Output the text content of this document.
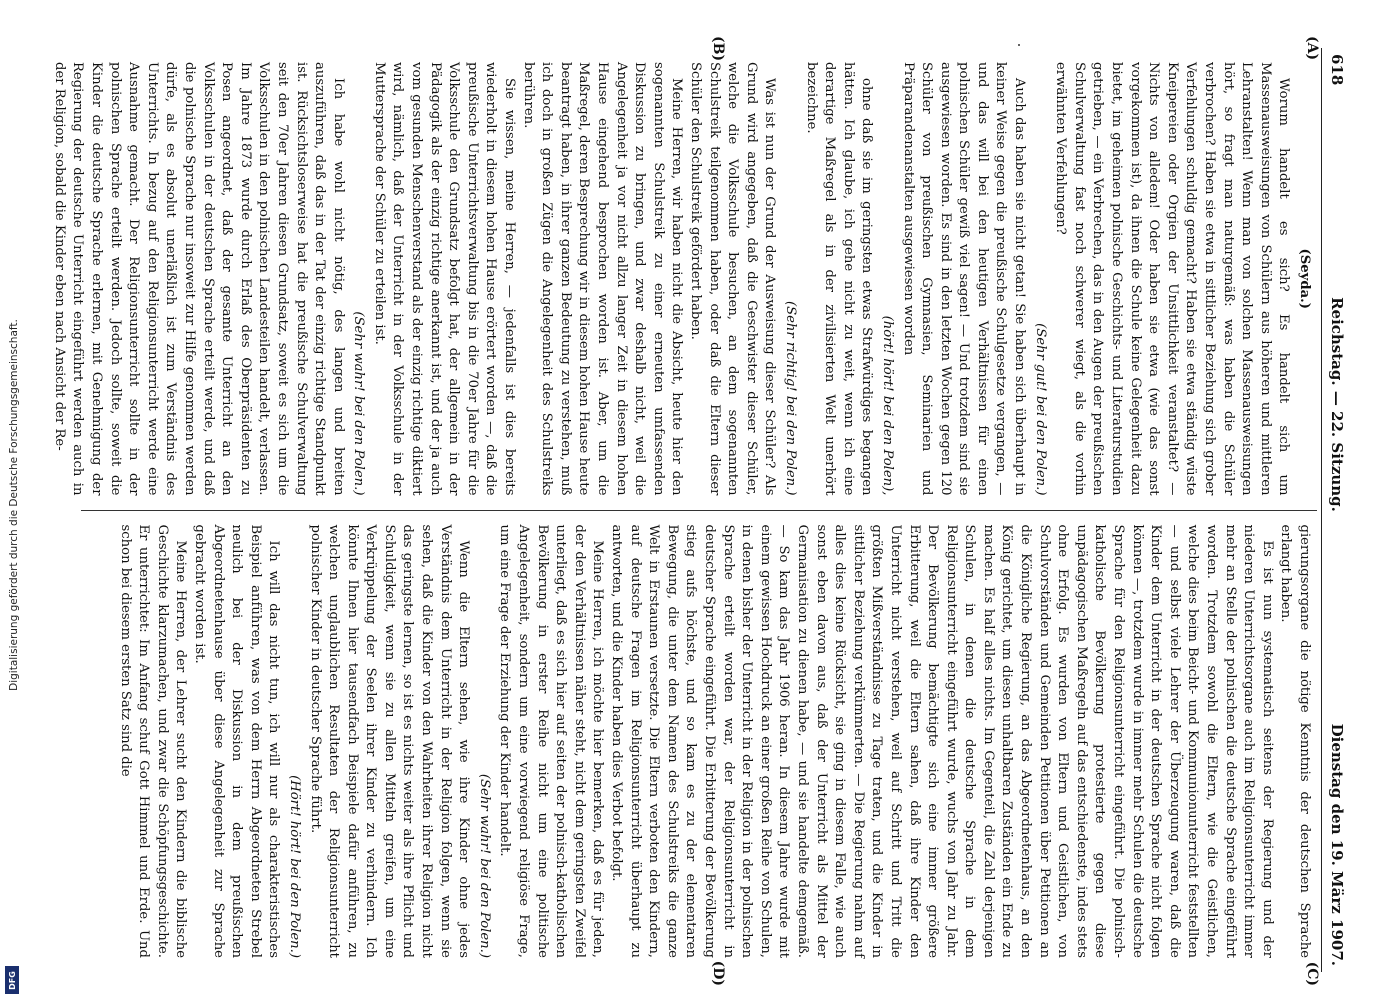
Digitalisierung gefördert durch die Deutsche Forschungsgemeinschaft.
DFG
618
Reichstag. — 22. Sitzung.
Dienstag den 19. März 1907.
(A)
(B)
(C)
(D)
(Seyda.)

Worum handelt es sich? Es handelt sich um Massenausweisungen von Schülern aus höheren und mittleren Lehranstalten! Wenn man von solchen Massenausweisungen hört, so fragt man naturgemäß: was haben die Schüler verbrochen? Haben sie etwa in sittlicher Beziehung sich grober Verfehlungen schuldig gemacht? Haben sie etwa ständig wüste Kneipereien oder Orgien der Unsittlichkeit veranstaltet? — Nichts von alledem! Oder haben sie etwa (wie das sonst vorgekommen ist), da ihnen die Schule keine Gelegenheit dazu bietet, im geheimen polnische Geschichts- und Literaturstudien getrieben, — ein Verbrechen, das in den Augen der preußischen Schulverwaltung fast noch schwerer wiegt, als die vorhin erwähnten Verfehlungen?

(Sehr gut! bei den Polen.)

Auch das haben sie nicht getan! Sie haben sich überhaupt in keiner Weise gegen die preußische Schulgesetze vergangen, — und das will bei den heutigen Verhältnissen für einen polnischen Schüler gewiß viel sagen! — Und trotzdem sind sie ausgewiesen worden. Es sind in den letzten Wochen gegen 120 Schüler von preußischen Gymnasien, Seminarien und Präparandenanstalten ausgewiesen worden

(hört! hört! bei den Polen),

ohne daß sie im geringsten etwas Strafwürdiges begangen hätten. Ich glaube, ich gehe nicht zu weit, wenn ich eine derartige Maßregel als in der zivilisierten Welt unerhört bezeichne.

(Sehr richtig! bei den Polen.)

Was ist nun der Grund der Ausweisung dieser Schüler? Als Grund wird angegeben, daß die Geschwister dieser Schüler, welche die Volksschule besuchen, an dem sogenannten Schulstreik teilgenommen haben, oder daß die Eltern dieser Schüler den Schulstreik gefördert haben.

Meine Herren, wir haben nicht die Absicht, heute hier den sogenannten Schulstreik zu einer erneuten umfassenden Diskussion zu bringen, und zwar deshalb nicht, weil die Angelegenheit ja vor nicht allzu langer Zeit in diesem hohen Hause eingehend besprochen worden ist. Aber, um die Maßregel, deren Besprechung wir in diesem hohen Hause heute beantragt haben, in ihrer ganzen Bedeutung zu verstehen, muß ich doch in großen Zügen die Angelegenheit des Schulstreiks berühren.

Sie wissen, meine Herren, — jedenfalls ist dies bereits wiederholt in diesem hohen Hause erörtert worden —, daß die preußische Unterrichtsverwaltung bis in die 70er Jahre für die Volksschule den Grundsatz befolgt hat, der allgemein in der Pädagogik als der einzig richtige anerkannt ist, und der ja auch vom gesunden Menschenverstand als der einzig richtige diktiert wird, nämlich, daß der Unterricht in der Volksschule in der Muttersprache der Schüler zu erteilen ist.

(Sehr wahr! bei den Polen.)

Ich habe wohl nicht nötig, des langen und breiten auszuführen, daß das in der Tat der einzig richtige Standpunkt ist. Rücksichtsloserweise hat die preußische Schulverwaltung seit den 70er Jahren diesen Grundsatz, soweit es sich um die Volksschulen in den polnischen Landesteilen handelt, verlassen. Im Jahre 1873 wurde durch Erlaß des Oberpräsidenten zu Posen angeordnet, daß der gesamte Unterricht an den Volksschulen in der deutschen Sprache erteilt werde, und daß die polnische Sprache nur insoweit zur Hilfe genommen werden dürfe, als es absolut unerläßlich ist zum Verständnis des Unterrichts. In bezug auf den Religionsunterricht werde eine Ausnahme gemacht. Der Religionsunterricht sollte in der polnischen Sprache erteilt werden. Jedoch sollte, soweit die Kinder die deutsche Sprache erlernen, mit Genehmigung der Regierung der deutsche Unterricht eingeführt werden auch in der Religion, sobald die Kinder eben nach Ansicht der Re-

gierungsorgane die nötige Kenntnis der deutschen Sprache erlangt haben.

Es ist nun systematisch seitens der Regierung und der niederen Unterrichtsorgane auch im Religionsunterricht immer mehr an Stelle der polnischen die deutsche Sprache eingeführt worden. Trotzdem sowohl die Eltern, wie die Geistlichen, welche dies beim Beicht- und Kommunionunterricht feststellten — und selbst viele Lehrer der Überzeugung waren, daß die Kinder dem Unterricht in der deutschen Sprache nicht folgen können —, trotzdem wurde in immer mehr Schulen die deutsche Sprache für den Religionsunterricht eingeführt. Die polnisch-katholische Bevölkerung protestierte gegen diese unpädagogischen Maßregeln auf das entschiedenste, indes stets ohne Erfolg. Es wurden von Eltern und Geistlichen, von Schulvorständen und Gemeinden Petitionen über Petitionen an die Königliche Regierung, an das Abgeordnetenhaus, an den König gerichtet, um diesen unhaltbaren Zuständen ein Ende zu machen. Es half alles nichts. Im Gegenteil, die Zahl derjenigen Schulen, in denen die deutsche Sprache in dem Religionsunterricht eingeführt wurde, wuchs von Jahr zu Jahr. Der Bevölkerung bemächtigte sich eine immer größere Erbitterung, weil die Eltern sahen, daß ihre Kinder den Unterricht nicht verstehen, weil auf Schritt und Tritt die größten Mißverständnisse zu Tage traten, und die Kinder in sittlicher Beziehung verkümmerten. — Die Regierung nahm auf alles dies keine Rücksicht, sie ging in diesem Falle, wie auch sonst eben davon aus, daß der Unterricht als Mittel der Germanisation zu dienen habe, — und sie handelte demgemäß. — So kam das Jahr 1906 heran. In diesem Jahre wurde mit einem gewissen Hochdruck an einer großen Reihe von Schulen, in denen bisher der Unterricht in der Religion in der polnischen Sprache erteilt worden war, der Religionsunterricht in deutscher Sprache eingeführt. Die Erbitterung der Bevölkerung stieg aufs höchste, und so kam es zu der elementaren Bewegung, die unter dem Namen des Schulstreiks die ganze Welt in Erstaunen versetzte. Die Eltern verboten den Kindern, auf deutsche Fragen im Religionsunterricht überhaupt zu antworten, und die Kinder haben dies Verbot befolgt.

Meine Herren, ich möchte hier bemerken, daß es für jeden, der den Verhältnissen näher steht, nicht dem geringsten Zweifel unterliegt, daß es sich hier auf seiten der polnisch-katholischen Bevölkerung in erster Reihe nicht um eine politische Angelegenheit, sondern um eine vorwiegend religiöse Frage, um eine Frage der Erziehung der Kinder handelt.

(Sehr wahr! bei den Polen.)

Wenn die Eltern sehen, wie ihre Kinder ohne jedes Verständnis dem Unterricht in der Religion folgen, wenn sie sehen, daß die Kinder von den Wahrheiten ihrer Religion nicht das geringste lernen, so ist es nichts weiter als ihre Pflicht und Schuldigkeit, wenn sie zu allen Mitteln greifen, um eine Verkrüppelung der Seelen ihrer Kinder zu verhindern. Ich könnte Ihnen hier tausendfach Beispiele dafür anführen, zu welchen unglaublichen Resultaten der Religionsunterricht polnischer Kinder in deutscher Sprache führt.

(Hört! hört! bei den Polen.)

Ich will das nicht tun, ich will nur als charakteristisches Beispiel anführen, was von dem Herrn Abgeordneten Strebel neulich bei der Diskussion in dem preußischen Abgeordnetenhause über diese Angelegenheit zur Sprache gebracht worden ist.

Meine Herren, der Lehrer sucht den Kindern die biblische Geschichte klarzumachen, und zwar die Schöpfungsgeschichte. Er unterrichtet: Im Anfang schuf Gott Himmel und Erde. Und schon bei diesem ersten Satz sind die
